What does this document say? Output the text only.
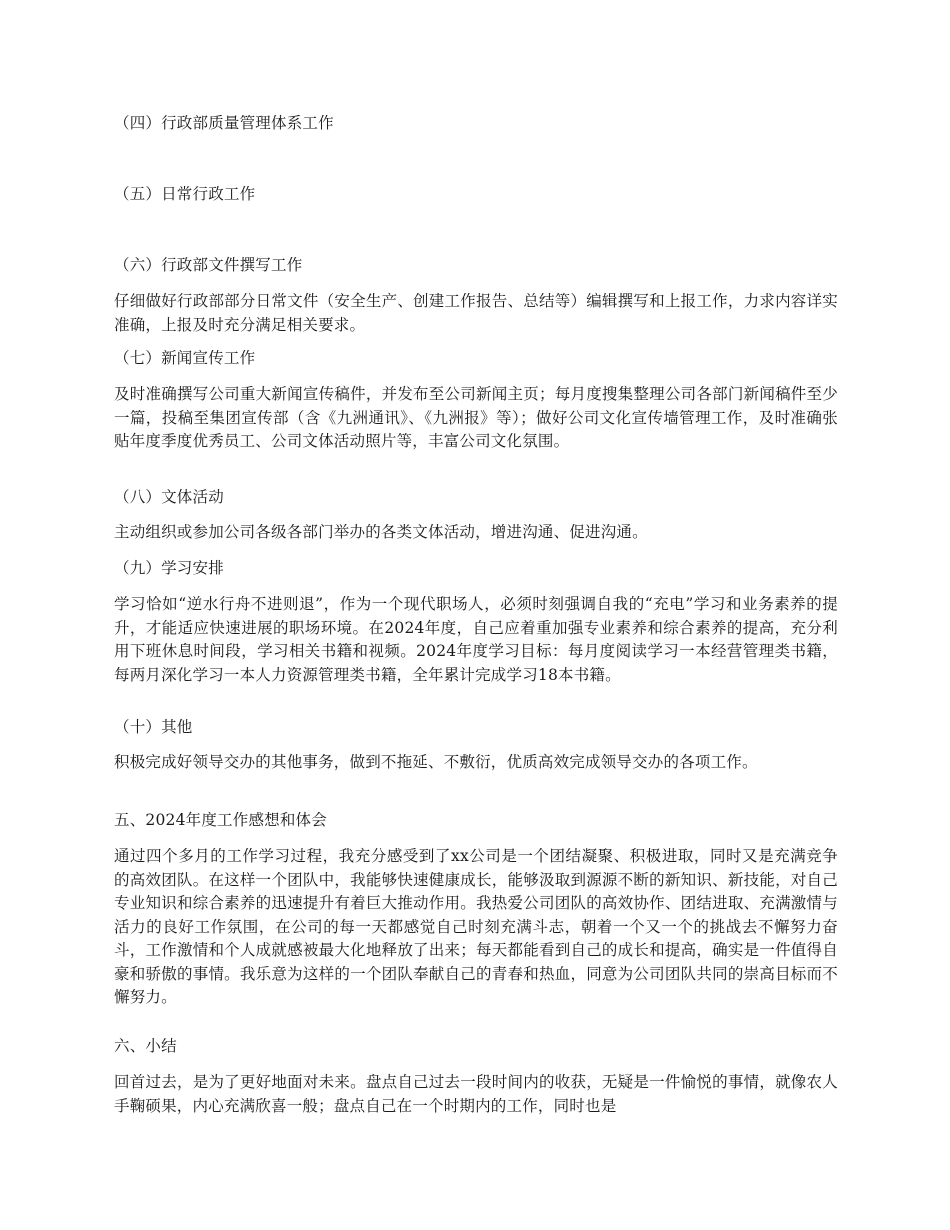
（四）行政部质量管理体系工作

（五）日常行政工作

（六）行政部文件撰写工作

仔细做好行政部部分日常文件（安全生产、创建工作报告、总结等）编辑撰写和上报工作，力求内容详实准确，上报及时充分满足相关要求。

（七）新闻宣传工作

及时准确撰写公司重大新闻宣传稿件，并发布至公司新闻主页；每月度搜集整理公司各部门新闻稿件至少一篇，投稿至集团宣传部（含《九洲通讯》、《九洲报》等）；做好公司文化宣传墙管理工作，及时准确张贴年度季度优秀员工、公司文体活动照片等，丰富公司文化氛围。

（八）文体活动

主动组织或参加公司各级各部门举办的各类文体活动，增进沟通、促进沟通。

（九）学习安排

学习恰如“逆水行舟不进则退”，作为一个现代职场人，必须时刻强调自我的“充电”学习和业务素养的提升，才能适应快速进展的职场环境。在2024年度，自己应着重加强专业素养和综合素养的提高，充分利用下班休息时间段，学习相关书籍和视频。2024年度学习目标：每月度阅读学习一本经营管理类书籍，每两月深化学习一本人力资源管理类书籍，全年累计完成学习18本书籍。

（十）其他

积极完成好领导交办的其他事务，做到不拖延、不敷衍，优质高效完成领导交办的各项工作。

五、2024年度工作感想和体会

通过四个多月的工作学习过程，我充分感受到了xx公司是一个团结凝聚、积极进取，同时又是充满竞争的高效团队。在这样一个团队中，我能够快速健康成长，能够汲取到源源不断的新知识、新技能，对自己专业知识和综合素养的迅速提升有着巨大推动作用。我热爱公司团队的高效协作、团结进取、充满激情与活力的良好工作氛围，在公司的每一天都感觉自己时刻充满斗志，朝着一个又一个的挑战去不懈努力奋斗，工作激情和个人成就感被最大化地释放了出来；每天都能看到自己的成长和提高，确实是一件值得自豪和骄傲的事情。我乐意为这样的一个团队奉献自己的青春和热血，同意为公司团队共同的崇高目标而不懈努力。

六、小结

回首过去，是为了更好地面对未来。盘点自己过去一段时间内的收获，无疑是一件愉悦的事情，就像农人手鞠硕果，内心充满欣喜一般；盘点自己在一个时期内的工作，同时也是
